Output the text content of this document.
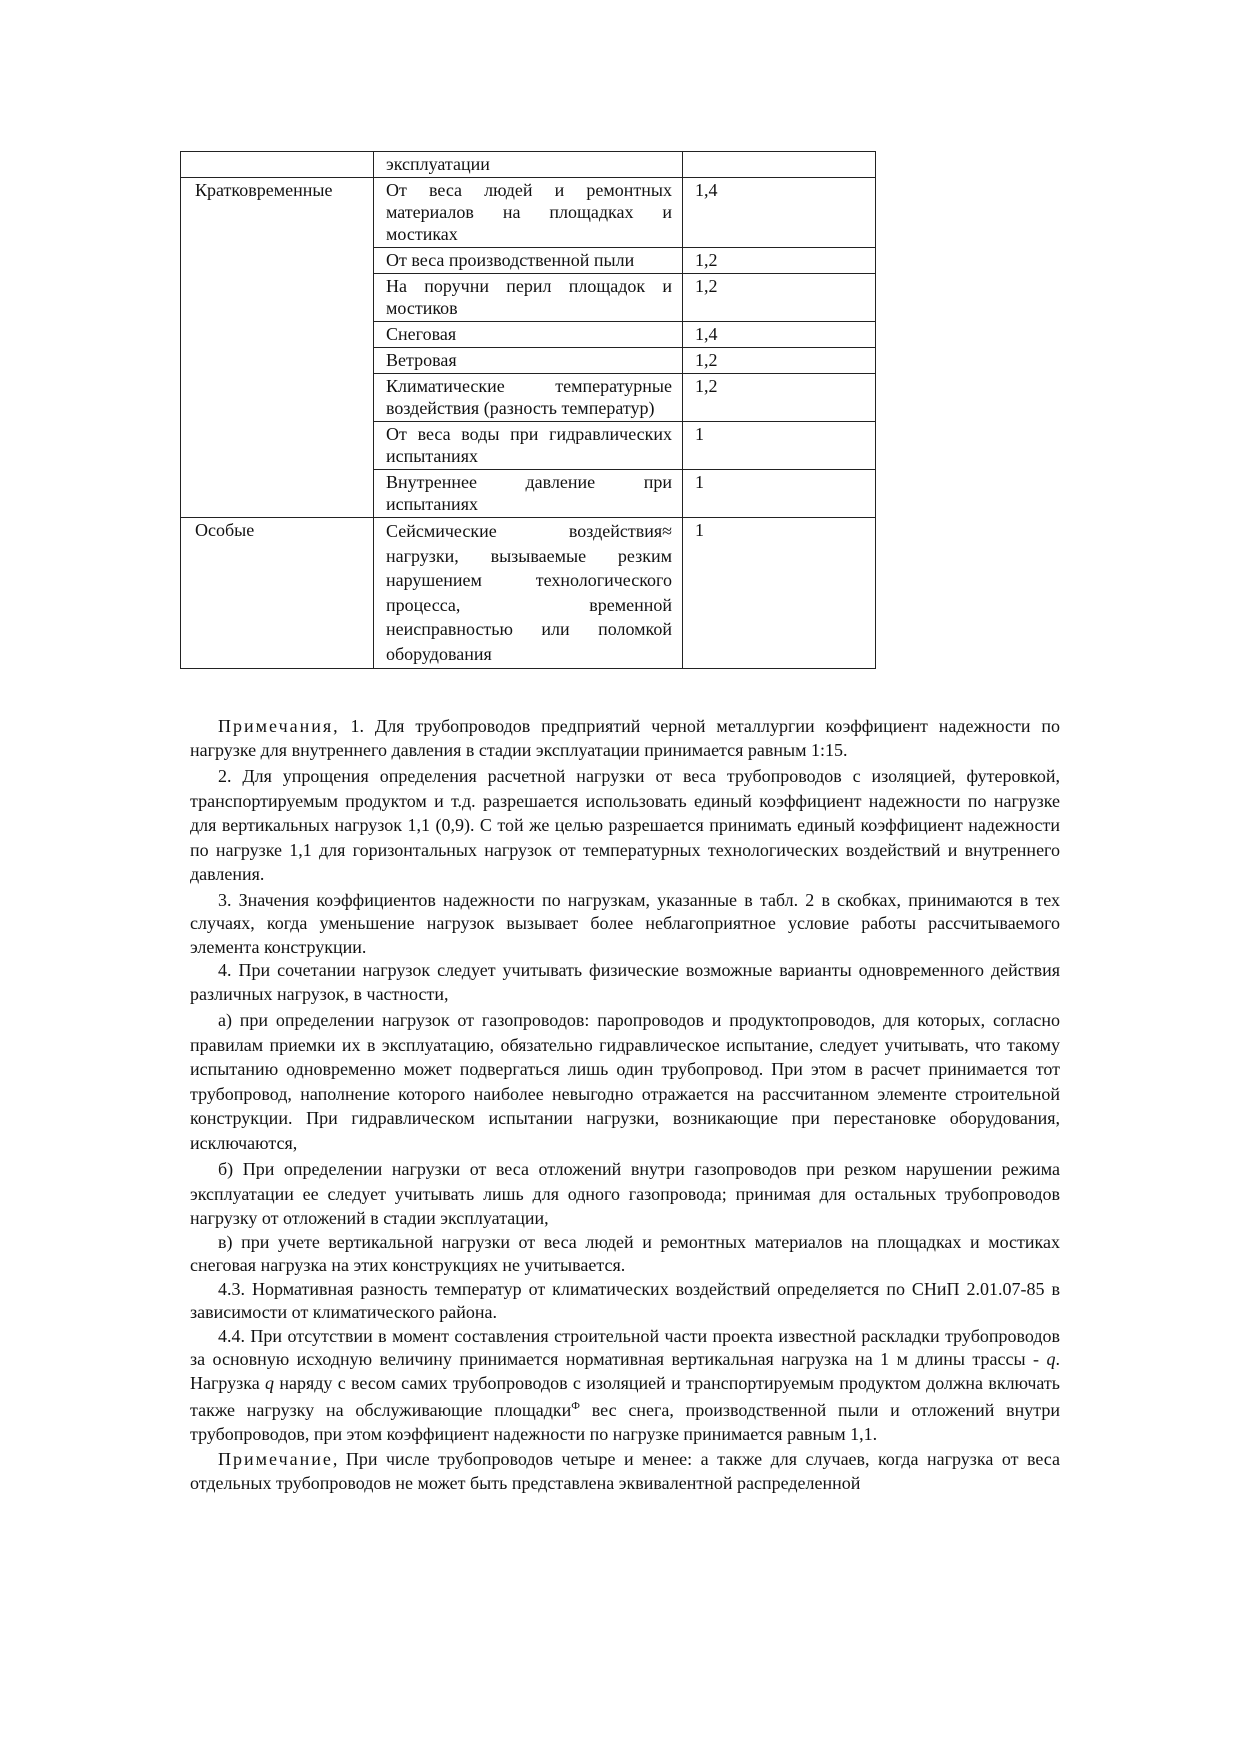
	эксплуатации	
Кратковременные	От веса людей и ремонтных материалов на площадках и мостиках	1,4
	От веса производственной пыли	1,2
	На поручни перил площадок и мостиков	1,2
	Снеговая	1,4
	Ветровая	1,2
	Климатические температурные воздействия (разность температур)	1,2
	От веса воды при гидравлических испытаниях	1
	Внутреннее давление при испытаниях	1
Особые	Сейсмические воздействия≈ нагрузки, вызываемые резким нарушением технологического процесса, временной неисправностью или поломкой оборудования	1

Примечания, 1. Для трубопроводов предприятий черной металлургии коэффициент надежности по нагрузке для внутреннего давления в стадии эксплуатации принимается равным 1:15.

2. Для упрощения определения расчетной нагрузки от веса трубопроводов с изоляцией, футеровкой, транспортируемым продуктом и т.д. разрешается использовать единый коэффициент надежности по нагрузке для вертикальных нагрузок 1,1 (0,9). С той же целью разрешается принимать единый коэффициент надежности по нагрузке 1,1 для горизонтальных нагрузок от температурных технологических воздействий и внутреннего давления.

3. Значения коэффициентов надежности по нагрузкам, указанные в табл. 2 в скобках, принимаются в тех случаях, когда уменьшение нагрузок вызывает более неблагоприятное условие работы рассчитываемого элемента конструкции.

4. При сочетании нагрузок следует учитывать физические возможные варианты одновременного действия различных нагрузок, в частности,

а) при определении нагрузок от газопроводов: паропроводов и продуктопроводов, для которых, согласно правилам приемки их в эксплуатацию, обязательно гидравлическое испытание, следует учитывать, что такому испытанию одновременно может подвергаться лишь один трубопровод. При этом в расчет принимается тот трубопровод, наполнение которого наиболее невыгодно отражается на рассчитанном элементе строительной конструкции. При гидравлическом испытании нагрузки, возникающие при перестановке оборудования, исключаются,

б) При определении нагрузки от веса отложений внутри газопроводов при резком нарушении режима эксплуатации ее следует учитывать лишь для одного газопровода; принимая для остальных трубопроводов нагрузку от отложений в стадии эксплуатации,

в) при учете вертикальной нагрузки от веса людей и ремонтных материалов на площадках и мостиках снеговая нагрузка на этих конструкциях не учитывается.

4.3. Нормативная разность температур от климатических воздействий определяется по СНиП 2.01.07-85 в зависимости от климатического района.

4.4. При отсутствии в момент составления строительной части проекта известной раскладки трубопроводов за основную исходную величину принимается нормативная вертикальная нагрузка на 1 м длины трассы - q. Нагрузка q наряду с весом самих трубопроводов с изоляцией и транспортируемым продуктом должна включать также нагрузку на обслуживающие площадки$^Ф$ вес снега, производственной пыли и отложений внутри трубопроводов, при этом коэффициент надежности по нагрузке принимается равным 1,1.

Примечание, При числе трубопроводов четыре и менее: а также для случаев, когда нагрузка от веса отдельных трубопроводов не может быть представлена эквивалентной распределенной
